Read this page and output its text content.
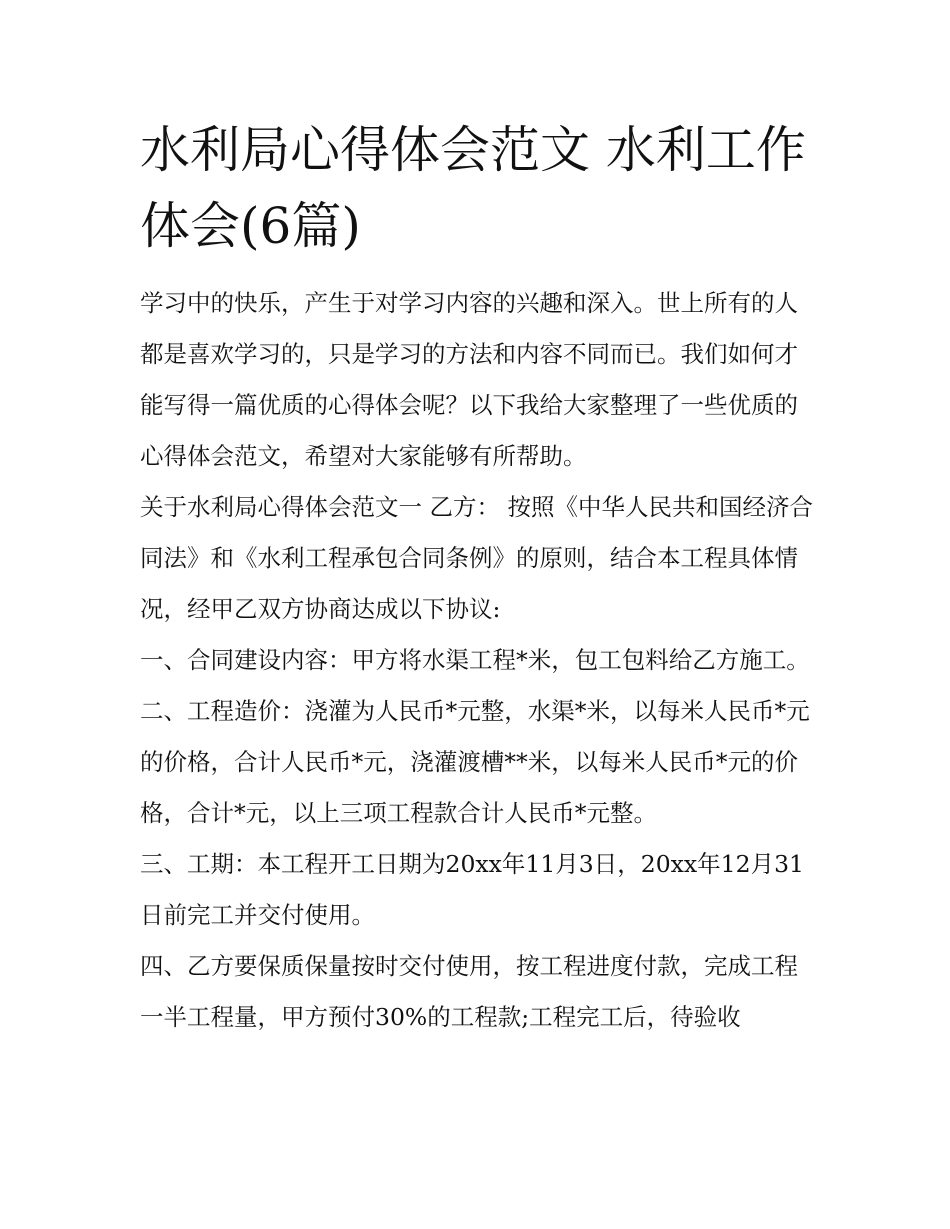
水利局心得体会范文 水利工作体会(6篇)

学习中的快乐，产生于对学习内容的兴趣和深入。世上所有的人都是喜欢学习的，只是学习的方法和内容不同而已。我们如何才能写得一篇优质的心得体会呢？以下我给大家整理了一些优质的心得体会范文，希望对大家能够有所帮助。

关于水利局心得体会范文一 乙方： 按照《中华人民共和国经济合同法》和《水利工程承包合同条例》的原则，结合本工程具体情况，经甲乙双方协商达成以下协议:

一、合同建设内容：甲方将水渠工程*米，包工包料给乙方施工。

二、工程造价：浇灌为人民币*元整，水渠*米，以每米人民币*元的价格，合计人民币*元，浇灌渡槽**米，以每米人民币*元的价格，合计*元，以上三项工程款合计人民币*元整。

三、工期：本工程开工日期为20xx年11月3日，20xx年12月31日前完工并交付使用。

四、乙方要保质保量按时交付使用，按工程进度付款，完成工程一半工程量，甲方预付30%的工程款;工程完工后，待验收
